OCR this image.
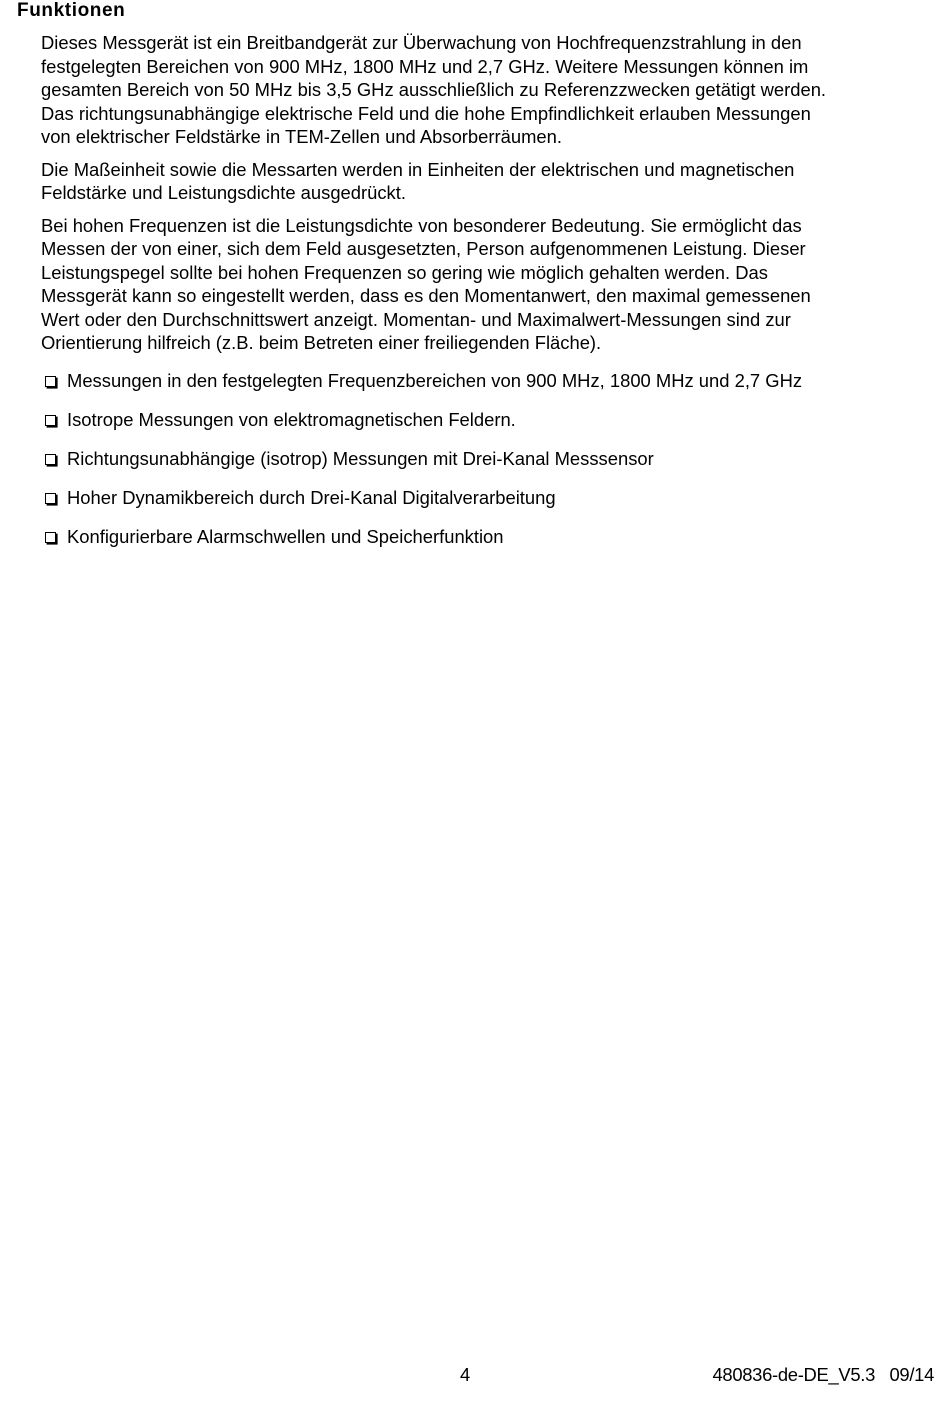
Funktionen

Dieses Messgerät ist ein Breitbandgerät zur Überwachung von Hochfrequenzstrahlung in den
festgelegten Bereichen von 900 MHz, 1800 MHz und 2,7 GHz. Weitere Messungen können im
gesamten Bereich von 50 MHz bis 3,5 GHz ausschließlich zu Referenzzwecken getätigt werden.
Das richtungsunabhängige elektrische Feld und die hohe Empfindlichkeit erlauben Messungen
von elektrischer Feldstärke in TEM-Zellen und Absorberräumen.

Die Maßeinheit sowie die Messarten werden in Einheiten der elektrischen und magnetischen
Feldstärke und Leistungsdichte ausgedrückt.

Bei hohen Frequenzen ist die Leistungsdichte von besonderer Bedeutung. Sie ermöglicht das
Messen der von einer, sich dem Feld ausgesetzten, Person aufgenommenen Leistung. Dieser
Leistungspegel sollte bei hohen Frequenzen so gering wie möglich gehalten werden. Das
Messgerät kann so eingestellt werden, dass es den Momentanwert, den maximal gemessenen
Wert oder den Durchschnittswert anzeigt. Momentan- und Maximalwert-Messungen sind zur
Orientierung hilfreich (z.B. beim Betreten einer freiliegenden Fläche).

Messungen in den festgelegten Frequenzbereichen von 900 MHz, 1800 MHz und 2,7 GHz
Isotrope Messungen von elektromagnetischen Feldern.
Richtungsunabhängige (isotrop) Messungen mit Drei-Kanal Messsensor
Hoher Dynamikbereich durch Drei-Kanal Digitalverarbeitung
Konfigurierbare Alarmschwellen und Speicherfunktion
4	480836-de-DE_V5.3   09/14
